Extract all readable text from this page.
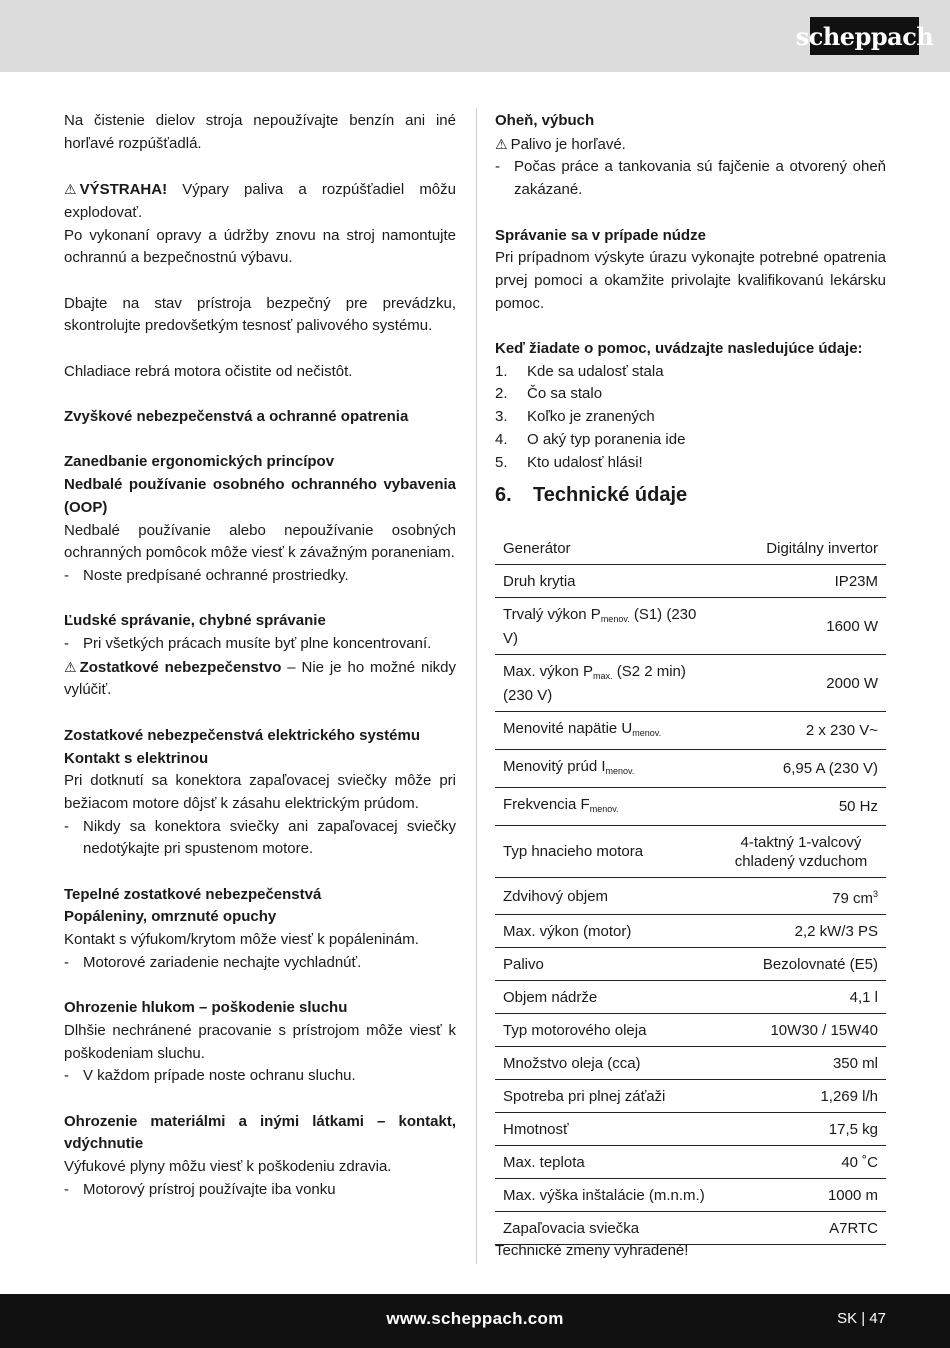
scheppach
Na čistenie dielov stroja nepoužívajte benzín ani iné horľavé rozpúšťadlá.
⚠ VÝSTRAHA! Výpary paliva a rozpúšťadiel môžu explodovať.
Po vykonaní opravy a údržby znovu na stroj namontujte ochrannú a bezpečnostnú výbavu.
Dbajte na stav prístroja bezpečný pre prevádzku, skontrolujte predovšetkým tesnosť palivového systému.
Chladiace rebrá motora očistite od nečistôt.
Zvyškové nebezpečenstvá a ochranné opatrenia
Zanedbanie ergonomických princípov
Nedbalé používanie osobného ochranného vybavenia (OOP)
Nedbalé používanie alebo nepoužívanie osobných ochranných pomôcok môže viesť k závažným poraneniam.
- Noste predpísané ochranné prostriedky.
Ľudské správanie, chybné správanie
- Pri všetkých prácach musíte byť plne koncentrovaní.
⚠ Zostatkové nebezpečenstvo – Nie je ho možné nikdy vylúčiť.
Zostatkové nebezpečenstvá elektrického systému
Kontakt s elektrinou
Pri dotknutí sa konektora zapaľovacej sviečky môže pri bežiacom motore dôjsť k zásahu elektrickým prúdom.
- Nikdy sa konektora sviečky ani zapaľovacej sviečky nedotýkajte pri spustenom motore.
Tepelné zostatkové nebezpečenstvá
Popáleniny, omrznuté opuchy
Kontakt s výfukom/krytom môže viesť k popáleninám.
- Motorové zariadenie nechajte vychladnúť.
Ohrozenie hlukom – poškodenie sluchu
Dlhšie nechránené pracovanie s prístrojom môže viesť k poškodeniam sluchu.
- V každom prípade noste ochranu sluchu.
Ohrozenie materiálmi a inými látkami – kontakt, vdýchnutie
Výfukové plyny môžu viesť k poškodeniu zdravia.
- Motorový prístroj používajte iba vonku
Oheň, výbuch
⚠ Palivo je horľavé.
- Počas práce a tankovania sú fajčenie a otvorený oheň zakázané.
Správanie sa v prípade núdze
Pri prípadnom výskyte úrazu vykonajte potrebné opatrenia prvej pomoci a okamžite privolajte kvalifikovanú lekársku pomoc.
Keď žiadate o pomoc, uvádzajte nasledujúce údaje:
1.	Kde sa udalosť stala
2.	Čo sa stalo
3.	Koľko je zranených
4.	O aký typ poranenia ide
5.	Kto udalosť hlási!
6.	Technické údaje
Generátor	Digitálny invertor
Druh krytia	IP23M
Trvalý výkon $P_{menov.}$ (S1) (230 V)	1600 W
Max. výkon $P_{max.}$ (S2 2 min) (230 V)	2000 W
Menovité napätie $U_{menov.}$	2 x 230 V~
Menovitý prúd $I_{menov.}$	6,95 A (230 V)
Frekvencia $F_{menov.}$	50 Hz
Typ hnacieho motora	4-taktný 1-valcový chladený vzduchom
Zdvihový objem	79 $cm^3$
Max. výkon (motor)	2,2 kW/3 PS
Palivo	Bezolovnaté (E5)
Objem nádrže	4,1 l
Typ motorového oleja	10W30 / 15W40
Množstvo oleja (cca)	350 ml
Spotreba pri plnej záťaži	1,269 l/h
Hmotnosť	17,5 kg
Max. teplota	40 ˚C
Max. výška inštalácie (m.n.m.)	1000 m
Zapaľovacia sviečka	A7RTC
Technické zmeny vyhradené!
www.scheppach.com	SK | 47
